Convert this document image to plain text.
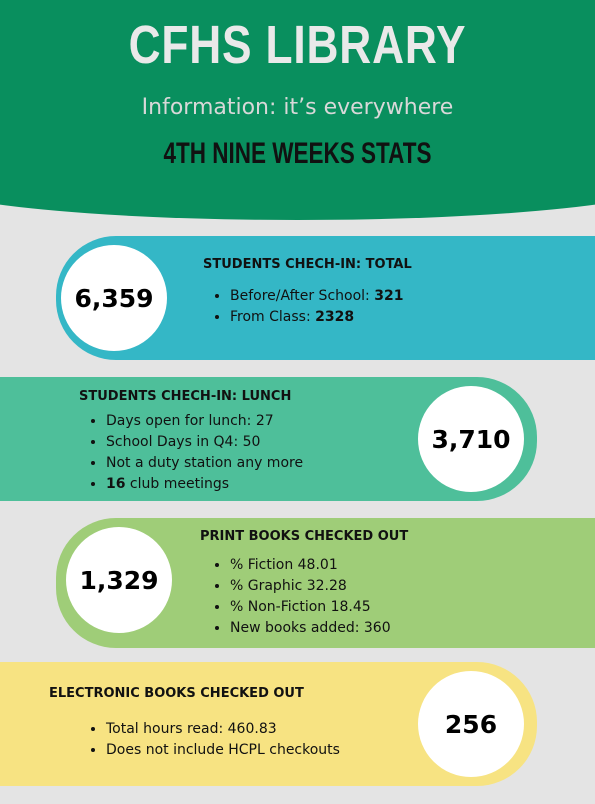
CFHS LIBRARY
Information: it’s everywhere
4TH NINE WEEKS STATS
6,359
STUDENTS CHECH-IN: TOTAL
• Before/After School: 321
• From Class: 2328
3,710
STUDENTS CHECH-IN: LUNCH
• Days open for lunch: 27
• School Days in Q4: 50
• Not a duty station any more
• 16 club meetings
1,329
PRINT BOOKS CHECKED OUT
• % Fiction 48.01
• % Graphic 32.28
• % Non-Fiction 18.45
• New books added: 360
256
ELECTRONIC BOOKS CHECKED OUT
• Total hours read: 460.83
• Does not include HCPL checkouts
